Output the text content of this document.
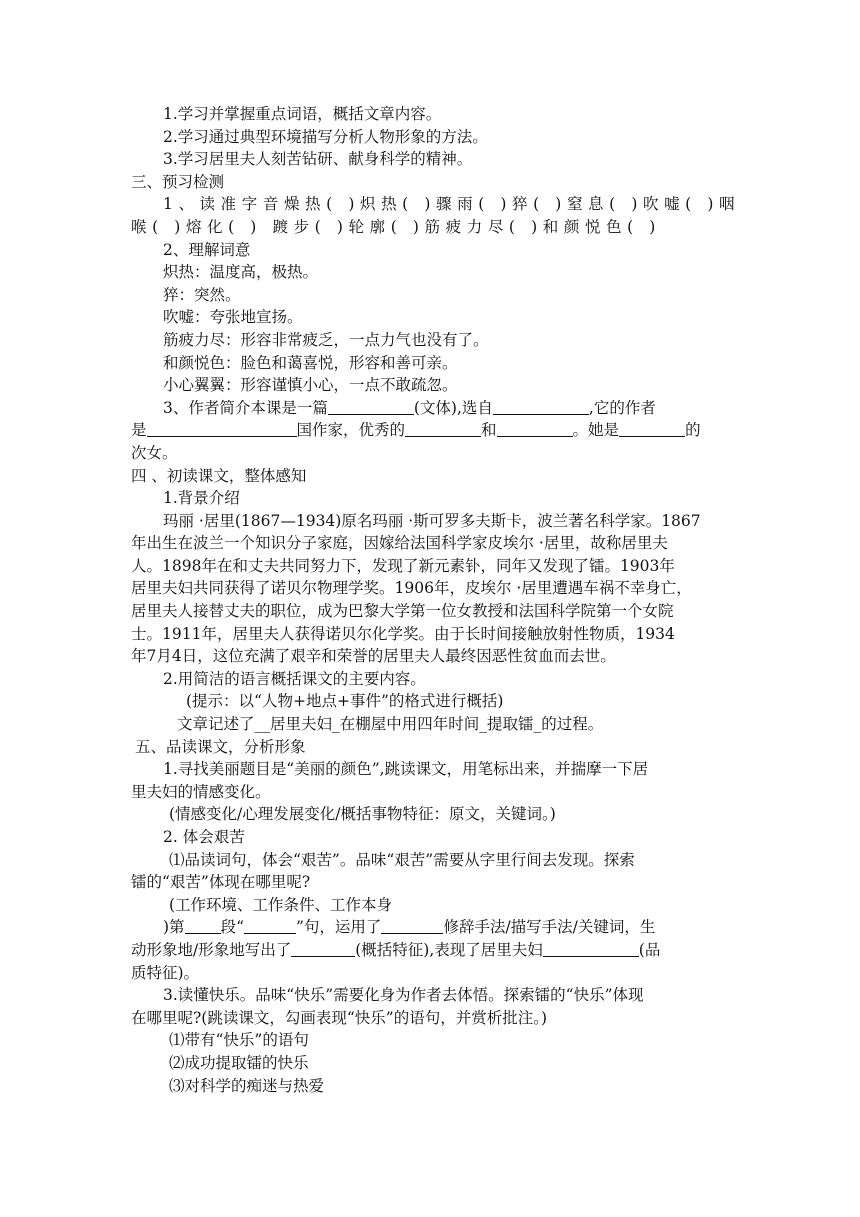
1.学习并掌握重点词语，概括文章内容。
2.学习通过典型环境描写分析人物形象的方法。
3.学习居里夫人刻苦钻研、献身科学的精神。
三、预习检测
1、读准字音燥热( )炽热( )骤雨( )猝( )窒息( )吹嘘( )咽
喉( )熔化( ) 踱步( )轮廓( )筋疲力尽( )和颜悦色( )
2、理解词意
炽热：温度高，极热。
猝：突然。
吹嘘：夸张地宣扬。
筋疲力尽：形容非常疲乏，一点力气也没有了。
和颜悦色：脸色和蔼喜悦，形容和善可亲。
小心翼翼：形容谨慎小心，一点不敢疏忽。
3、作者简介本课是一篇	(文体),选自	,它的作者
是	国作家，优秀的	和	。她是	的
次女。
四 、初读课文，整体感知
1.背景介绍
玛丽 ·居里(1867—1934)原名玛丽 ·斯可罗多夫斯卡，波兰著名科学家。1867
年出生在波兰一个知识分子家庭，因嫁给法国科学家皮埃尔 ·居里，故称居里夫
人。1898年在和丈夫共同努力下，发现了新元素钋，同年又发现了镭。1903年
居里夫妇共同获得了诺贝尔物理学奖。1906年，皮埃尔 ·居里遭遇车祸不幸身亡，
居里夫人接替丈夫的职位，成为巴黎大学第一位女教授和法国科学院第一个女院
士。1911年，居里夫人获得诺贝尔化学奖。由于长时间接触放射性物质，1934
年7月4日，这位充满了艰辛和荣誉的居里夫人最终因恶性贫血而去世。
2.用简洁的语言概括课文的主要内容。
(提示：以“人物+地点+事件”的格式进行概括)
文章记述了__居里夫妇_在棚屋中用四年时间_提取镭_的过程。
五、品读课文，分析形象
1.寻找美丽题目是“美丽的颜色”,跳读课文，用笔标出来，并揣摩一下居
里夫妇的情感变化。
(情感变化/心理发展变化/概括事物特征：原文，关键词。)
2. 体会艰苦
⑴品读词句，体会“艰苦”。品味“艰苦”需要从字里行间去发现。探索
镭的“艰苦”体现在哪里呢?
(工作环境、工作条件、工作本身
)第 段“	”句，运用了	修辞手法/描写手法/关键词，生
动形象地/形象地写出了	(概括特征),表现了居里夫妇	(品
质特征)。
3.读懂快乐。品味“快乐”需要化身为作者去体悟。探索镭的“快乐”体现
在哪里呢?(跳读课文，勾画表现“快乐”的语句，并赏析批注。)
⑴带有“快乐”的语句
⑵成功提取镭的快乐
⑶对科学的痴迷与热爱
